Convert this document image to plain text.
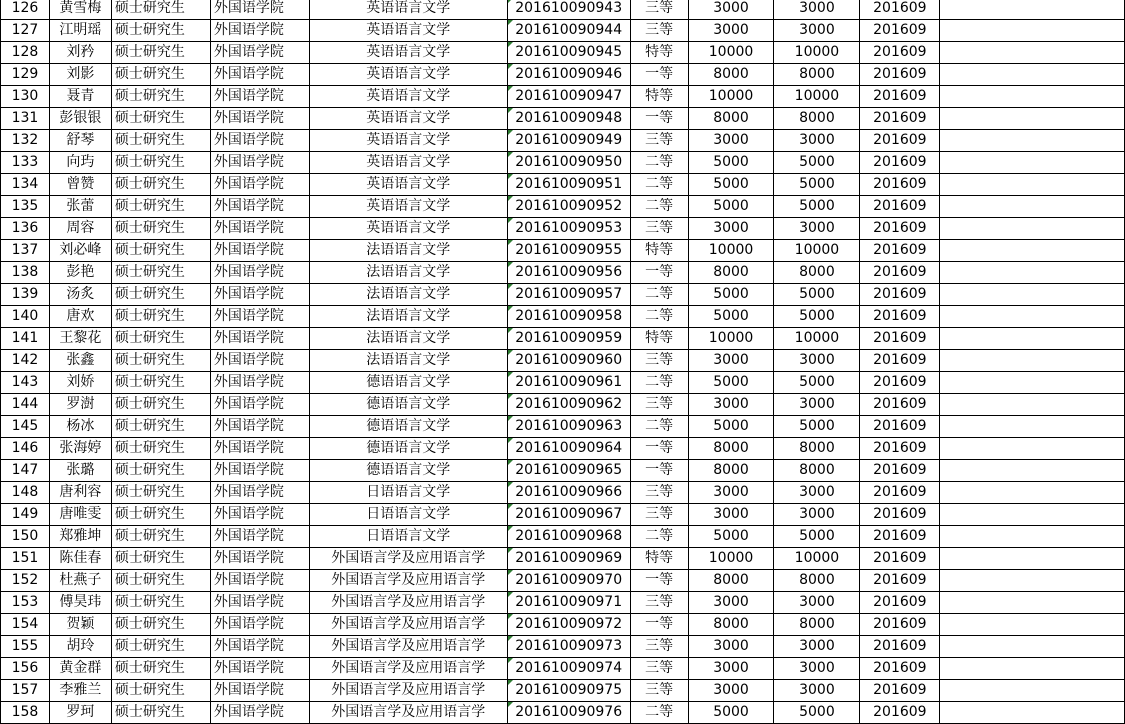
126	黄雪梅	硕士研究生	外国语学院	英语语言文学	201610090943	三等	3000	3000	201609	
127	江明瑶	硕士研究生	外国语学院	英语语言文学	201610090944	三等	3000	3000	201609	
128	刘矜	硕士研究生	外国语学院	英语语言文学	201610090945	特等	10000	10000	201609	
129	刘影	硕士研究生	外国语学院	英语语言文学	201610090946	一等	8000	8000	201609	
130	聂青	硕士研究生	外国语学院	英语语言文学	201610090947	特等	10000	10000	201609	
131	彭银银	硕士研究生	外国语学院	英语语言文学	201610090948	一等	8000	8000	201609	
132	舒琴	硕士研究生	外国语学院	英语语言文学	201610090949	三等	3000	3000	201609	
133	向玙	硕士研究生	外国语学院	英语语言文学	201610090950	二等	5000	5000	201609	
134	曾赞	硕士研究生	外国语学院	英语语言文学	201610090951	二等	5000	5000	201609	
135	张蕾	硕士研究生	外国语学院	英语语言文学	201610090952	二等	5000	5000	201609	
136	周容	硕士研究生	外国语学院	英语语言文学	201610090953	三等	3000	3000	201609	
137	刘必峰	硕士研究生	外国语学院	法语语言文学	201610090955	特等	10000	10000	201609	
138	彭艳	硕士研究生	外国语学院	法语语言文学	201610090956	一等	8000	8000	201609	
139	汤炙	硕士研究生	外国语学院	法语语言文学	201610090957	二等	5000	5000	201609	
140	唐欢	硕士研究生	外国语学院	法语语言文学	201610090958	二等	5000	5000	201609	
141	王黎花	硕士研究生	外国语学院	法语语言文学	201610090959	特等	10000	10000	201609	
142	张鑫	硕士研究生	外国语学院	法语语言文学	201610090960	三等	3000	3000	201609	
143	刘娇	硕士研究生	外国语学院	德语语言文学	201610090961	二等	5000	5000	201609	
144	罗澍	硕士研究生	外国语学院	德语语言文学	201610090962	三等	3000	3000	201609	
145	杨冰	硕士研究生	外国语学院	德语语言文学	201610090963	二等	5000	5000	201609	
146	张海婷	硕士研究生	外国语学院	德语语言文学	201610090964	一等	8000	8000	201609	
147	张璐	硕士研究生	外国语学院	德语语言文学	201610090965	一等	8000	8000	201609	
148	唐利容	硕士研究生	外国语学院	日语语言文学	201610090966	三等	3000	3000	201609	
149	唐唯雯	硕士研究生	外国语学院	日语语言文学	201610090967	三等	3000	3000	201609	
150	郑雅坤	硕士研究生	外国语学院	日语语言文学	201610090968	二等	5000	5000	201609	
151	陈佳春	硕士研究生	外国语学院	外国语言学及应用语言学	201610090969	特等	10000	10000	201609	
152	杜燕子	硕士研究生	外国语学院	外国语言学及应用语言学	201610090970	一等	8000	8000	201609	
153	傅昊玮	硕士研究生	外国语学院	外国语言学及应用语言学	201610090971	三等	3000	3000	201609	
154	贺颖	硕士研究生	外国语学院	外国语言学及应用语言学	201610090972	一等	8000	8000	201609	
155	胡玲	硕士研究生	外国语学院	外国语言学及应用语言学	201610090973	三等	3000	3000	201609	
156	黄金群	硕士研究生	外国语学院	外国语言学及应用语言学	201610090974	三等	3000	3000	201609	
157	李雅兰	硕士研究生	外国语学院	外国语言学及应用语言学	201610090975	三等	3000	3000	201609	
158	罗珂	硕士研究生	外国语学院	外国语言学及应用语言学	201610090976	二等	5000	5000	201609	
